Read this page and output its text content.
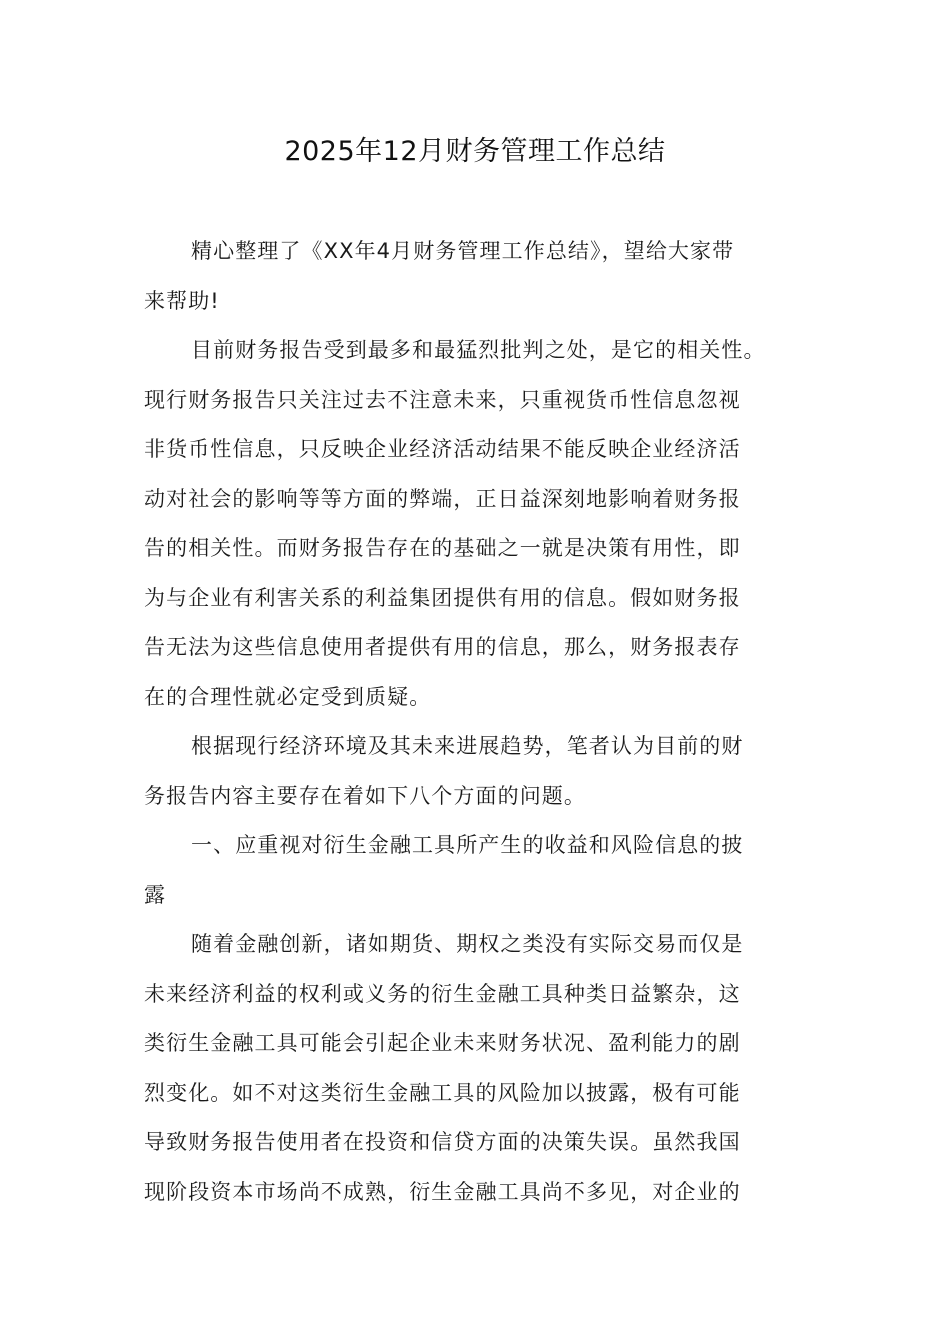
2025年12月财务管理工作总结

精心整理了《XX年4月财务管理工作总结》，望给大家带
来帮助!

目前财务报告受到最多和最猛烈批判之处，是它的相关性。
现行财务报告只关注过去不注意未来，只重视货币性信息忽视
非货币性信息，只反映企业经济活动结果不能反映企业经济活
动对社会的影响等等方面的弊端，正日益深刻地影响着财务报
告的相关性。而财务报告存在的基础之一就是决策有用性，即
为与企业有利害关系的利益集团提供有用的信息。假如财务报
告无法为这些信息使用者提供有用的信息，那么，财务报表存
在的合理性就必定受到质疑。

根据现行经济环境及其未来进展趋势，笔者认为目前的财
务报告内容主要存在着如下八个方面的问题。

一、应重视对衍生金融工具所产生的收益和风险信息的披
露

随着金融创新，诸如期货、期权之类没有实际交易而仅是
未来经济利益的权利或义务的衍生金融工具种类日益繁杂，这
类衍生金融工具可能会引起企业未来财务状况、盈利能力的剧
烈变化。如不对这类衍生金融工具的风险加以披露，极有可能
导致财务报告使用者在投资和信贷方面的决策失误。虽然我国
现阶段资本市场尚不成熟，衍生金融工具尚不多见，对企业的
